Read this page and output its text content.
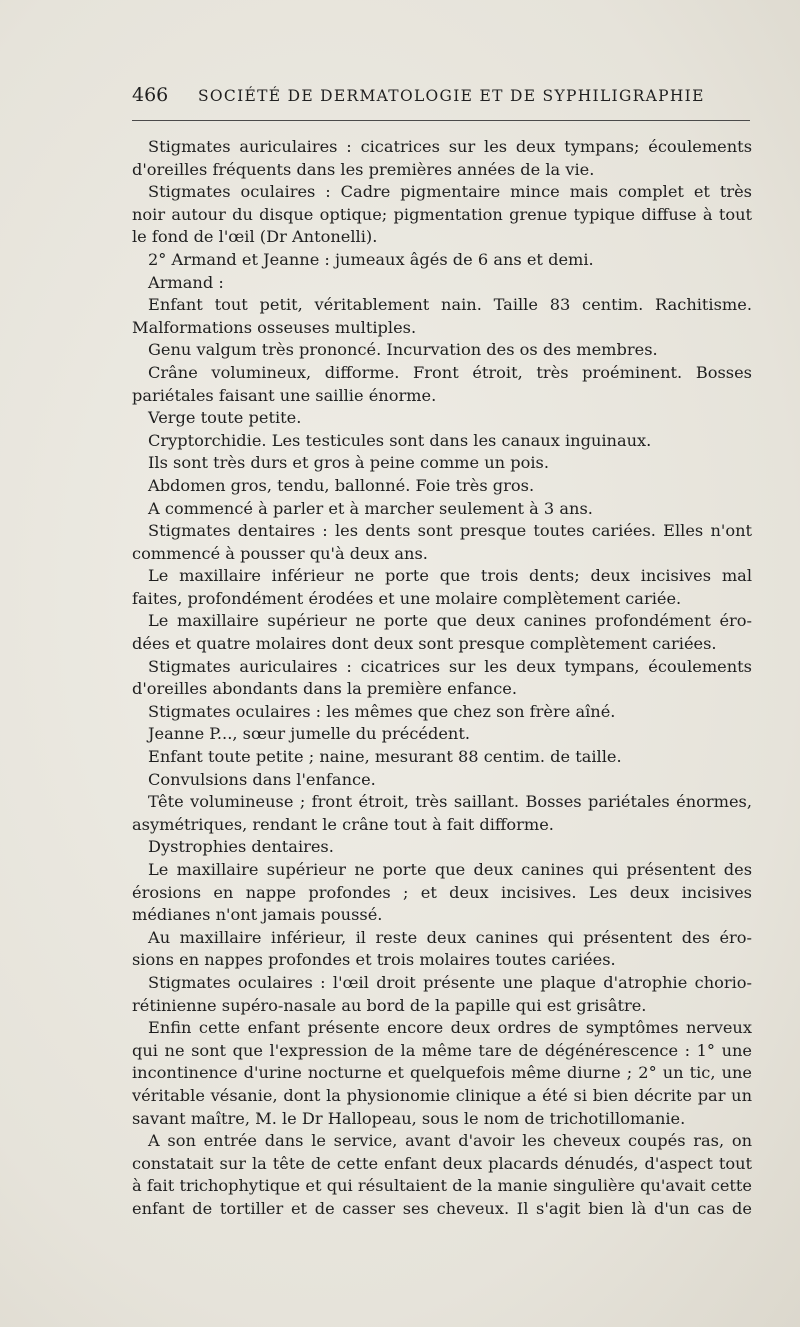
466 SOCIÉTÉ DE DERMATOLOGIE ET DE SYPHILIGRAPHIE
Stigmates auriculaires : cicatrices sur les deux tympans; écoulements
d'oreilles fréquents dans les premières années de la vie.
Stigmates oculaires : Cadre pigmentaire mince mais complet et très
noir autour du disque optique; pigmentation grenue typique diffuse à tout
le fond de l'œil (Dr Antonelli).
2° Armand et Jeanne : jumeaux âgés de 6 ans et demi.
Armand :
Enfant tout petit, véritablement nain. Taille 83 centim. Rachitisme.
Malformations osseuses multiples.
Genu valgum très prononcé. Incurvation des os des membres.
Crâne volumineux, difforme. Front étroit, très proéminent. Bosses
pariétales faisant une saillie énorme.
Verge toute petite.
Cryptorchidie. Les testicules sont dans les canaux inguinaux.
Ils sont très durs et gros à peine comme un pois.
Abdomen gros, tendu, ballonné. Foie très gros.
A commencé à parler et à marcher seulement à 3 ans.
Stigmates dentaires : les dents sont presque toutes cariées. Elles n'ont
commencé à pousser qu'à deux ans.
Le maxillaire inférieur ne porte que trois dents; deux incisives mal
faites, profondément érodées et une molaire complètement cariée.
Le maxillaire supérieur ne porte que deux canines profondément éro-
dées et quatre molaires dont deux sont presque complètement cariées.
Stigmates auriculaires : cicatrices sur les deux tympans, écoulements
d'oreilles abondants dans la première enfance.
Stigmates oculaires : les mêmes que chez son frère aîné.
Jeanne P..., sœur jumelle du précédent.
Enfant toute petite ; naine, mesurant 88 centim. de taille.
Convulsions dans l'enfance.
Tête volumineuse ; front étroit, très saillant. Bosses pariétales énormes,
asymétriques, rendant le crâne tout à fait difforme.
Dystrophies dentaires.
Le maxillaire supérieur ne porte que deux canines qui présentent des
érosions en nappe profondes ; et deux incisives. Les deux incisives
médianes n'ont jamais poussé.
Au maxillaire inférieur, il reste deux canines qui présentent des éro-
sions en nappes profondes et trois molaires toutes cariées.
Stigmates oculaires : l'œil droit présente une plaque d'atrophie chorio-
rétinienne supéro-nasale au bord de la papille qui est grisâtre.
Enfin cette enfant présente encore deux ordres de symptômes nerveux
qui ne sont que l'expression de la même tare de dégénérescence : 1° une
incontinence d'urine nocturne et quelquefois même diurne ; 2° un tic, une
véritable vésanie, dont la physionomie clinique a été si bien décrite par un
savant maître, M. le Dr Hallopeau, sous le nom de trichotillomanie.
A son entrée dans le service, avant d'avoir les cheveux coupés ras, on
constatait sur la tête de cette enfant deux placards dénudés, d'aspect tout
à fait trichophytique et qui résultaient de la manie singulière qu'avait cette
enfant de tortiller et de casser ses cheveux. Il s'agit bien là d'un cas de
